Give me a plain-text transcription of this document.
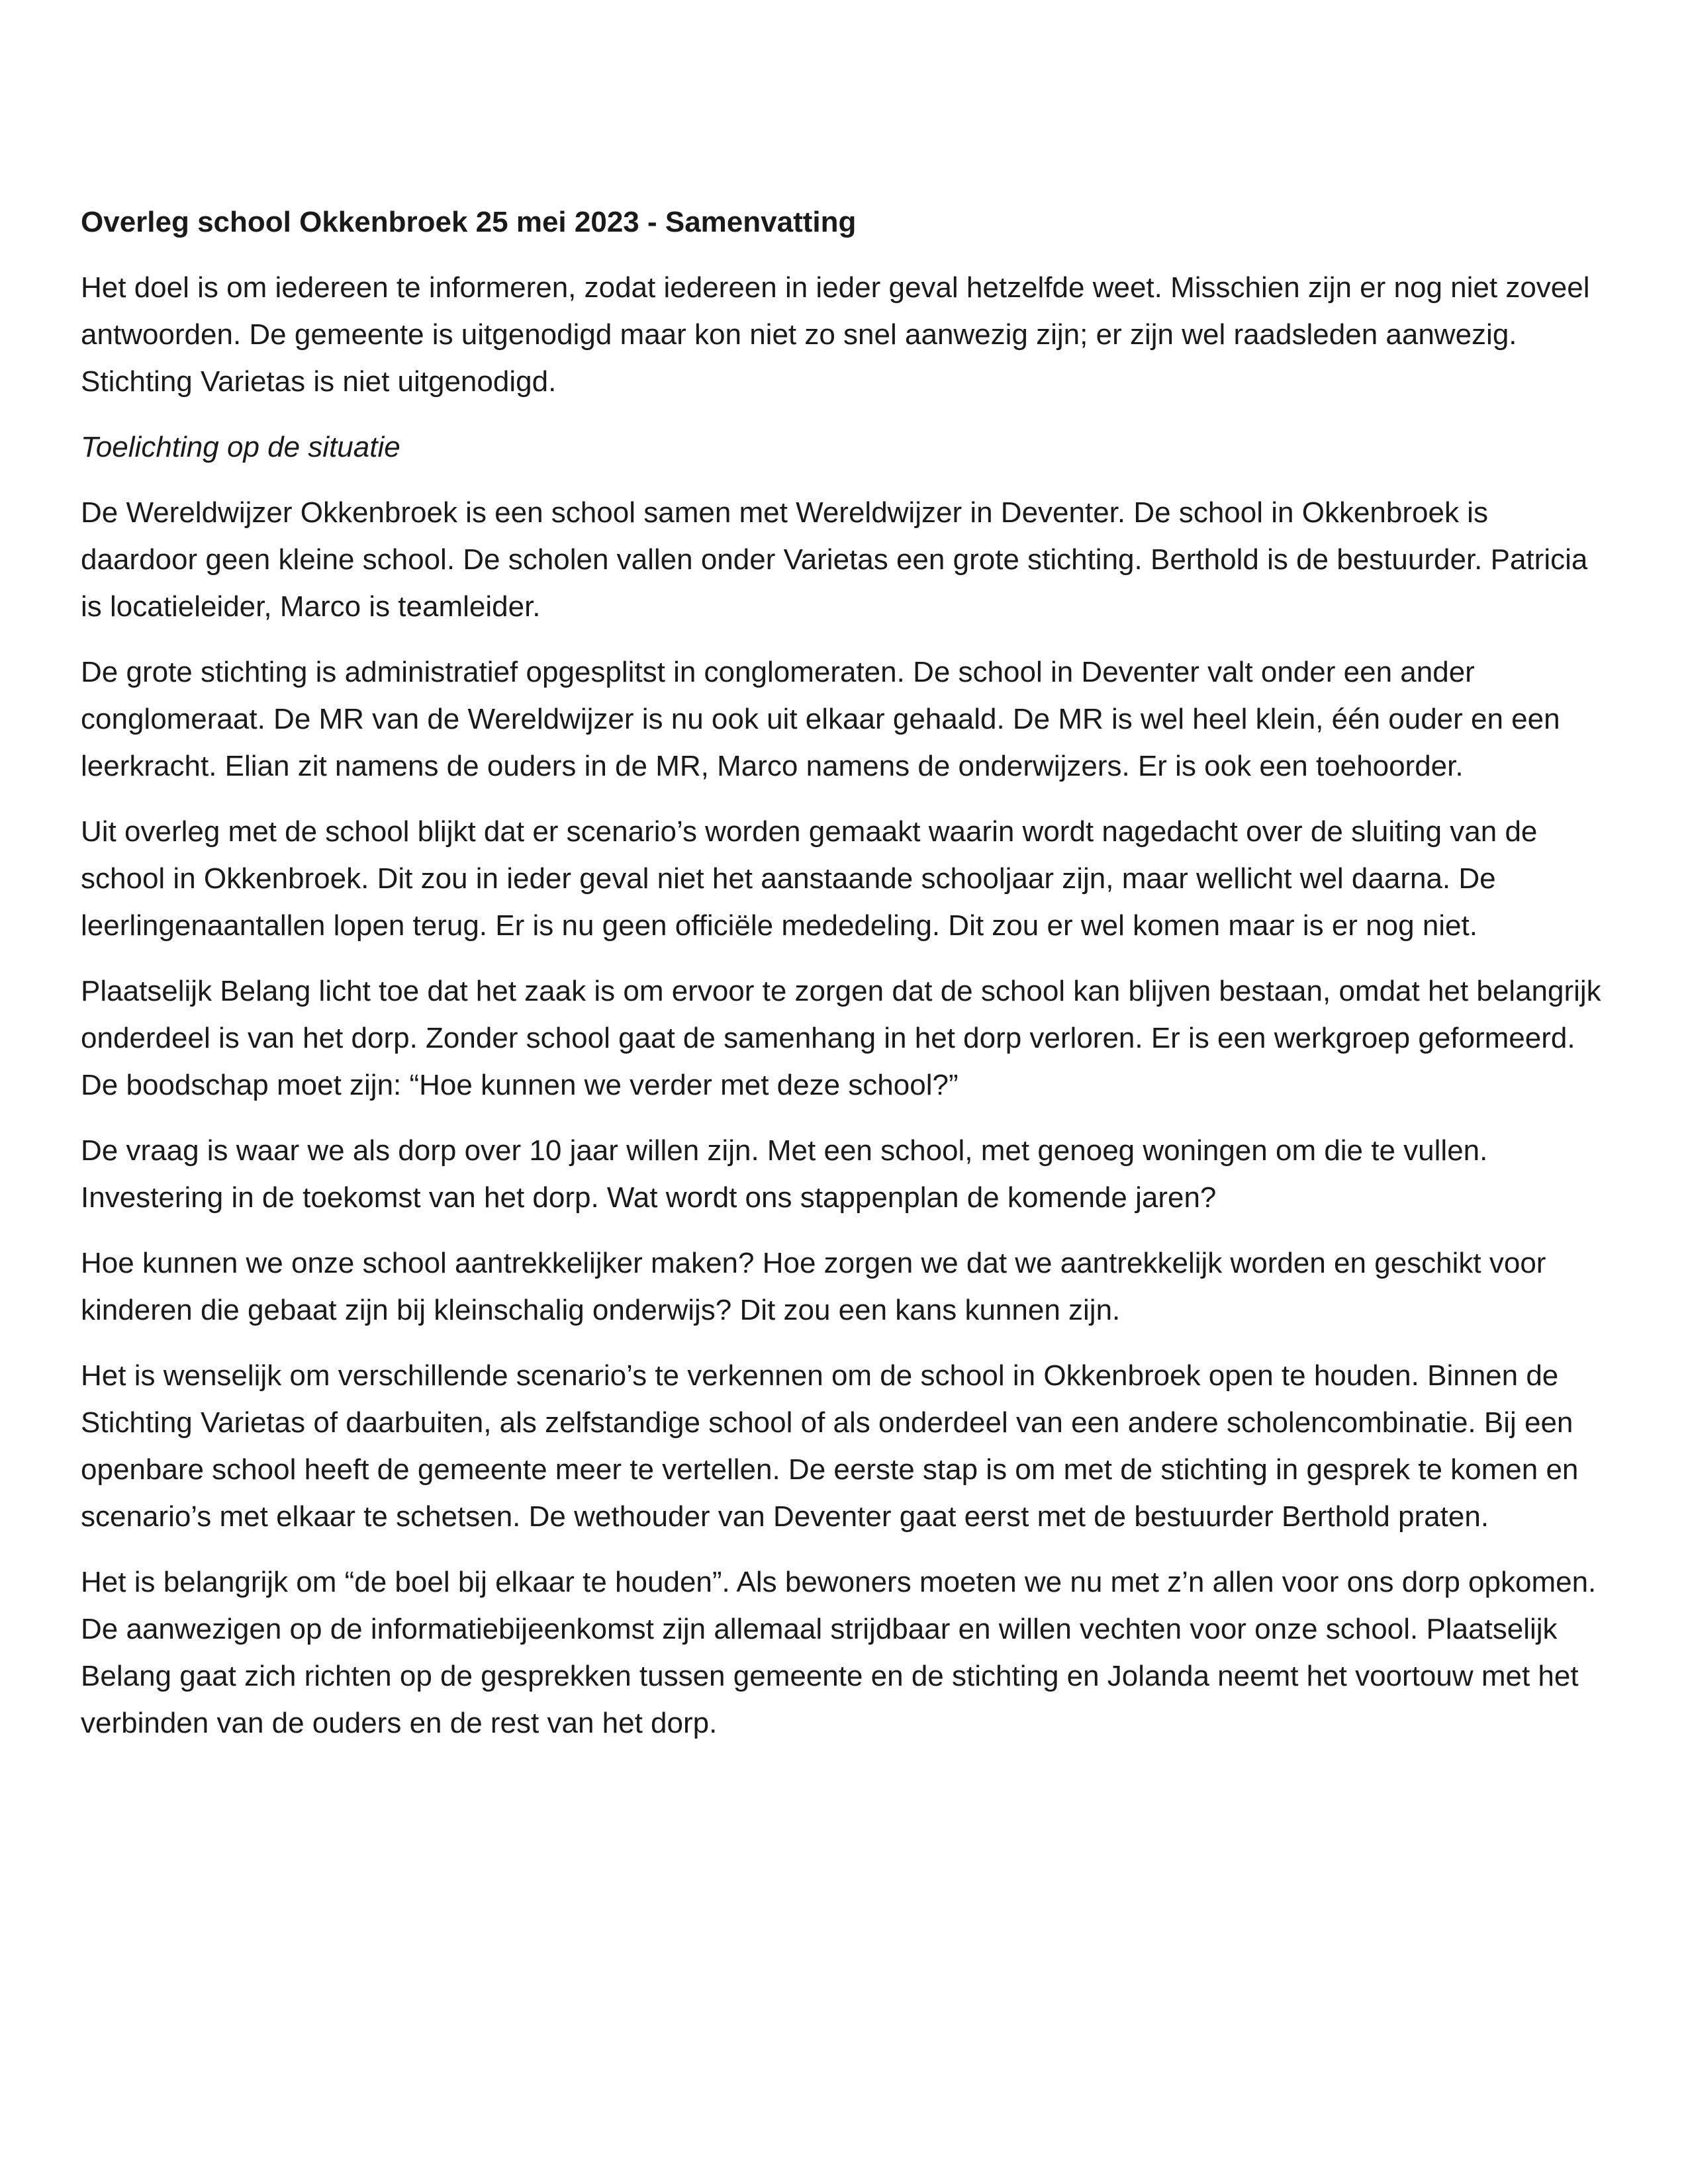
Overleg school Okkenbroek 25 mei 2023 - Samenvatting
Het doel is om iedereen te informeren, zodat iedereen in ieder geval hetzelfde weet. Misschien zijn er nog niet zoveel antwoorden. De gemeente is uitgenodigd maar kon niet zo snel aanwezig zijn; er zijn wel raadsleden aanwezig. Stichting Varietas is niet uitgenodigd.
Toelichting op de situatie
De Wereldwijzer Okkenbroek is een school samen met Wereldwijzer in Deventer. De school in Okkenbroek is daardoor geen kleine school. De scholen vallen onder Varietas een grote stichting. Berthold is de bestuurder. Patricia is locatieleider, Marco is teamleider.
De grote stichting is administratief opgesplitst in conglomeraten. De school in Deventer valt onder een ander conglomeraat. De MR van de Wereldwijzer is nu ook uit elkaar gehaald. De MR is wel heel klein, één ouder en een leerkracht. Elian zit namens de ouders in de MR, Marco namens de onderwijzers. Er is ook een toehoorder.
Uit overleg met de school blijkt dat er scenario’s worden gemaakt waarin wordt nagedacht over de sluiting van de school in Okkenbroek. Dit zou in ieder geval niet het aanstaande schooljaar zijn, maar wellicht wel daarna. De leerlingenaantallen lopen terug. Er is nu geen officiële mededeling. Dit zou er wel komen maar is er nog niet.
Plaatselijk Belang licht toe dat het zaak is om ervoor te zorgen dat de school kan blijven bestaan, omdat het belangrijk onderdeel is van het dorp. Zonder school gaat de samenhang in het dorp verloren. Er is een werkgroep geformeerd. De boodschap moet zijn: “Hoe kunnen we verder met deze school?”
De vraag is waar we als dorp over 10 jaar willen zijn. Met een school, met genoeg woningen om die te vullen. Investering in de toekomst van het dorp. Wat wordt ons stappenplan de komende jaren?
Hoe kunnen we onze school aantrekkelijker maken? Hoe zorgen we dat we aantrekkelijk worden en geschikt voor kinderen die gebaat zijn bij kleinschalig onderwijs? Dit zou een kans kunnen zijn.
Het is wenselijk om verschillende scenario’s te verkennen om de school in Okkenbroek open te houden. Binnen de Stichting Varietas of daarbuiten, als zelfstandige school of als onderdeel van een andere scholencombinatie. Bij een openbare school heeft de gemeente meer te vertellen. De eerste stap is om met de stichting in gesprek te komen en scenario’s met elkaar te schetsen. De wethouder van Deventer gaat eerst met de bestuurder Berthold praten.
Het is belangrijk om “de boel bij elkaar te houden”. Als bewoners moeten we nu met z’n allen voor ons dorp opkomen. De aanwezigen op de informatiebijeenkomst zijn allemaal strijdbaar en willen vechten voor onze school. Plaatselijk Belang gaat zich richten op de gesprekken tussen gemeente en de stichting en Jolanda neemt het voortouw met het verbinden van de ouders en de rest van het dorp.
